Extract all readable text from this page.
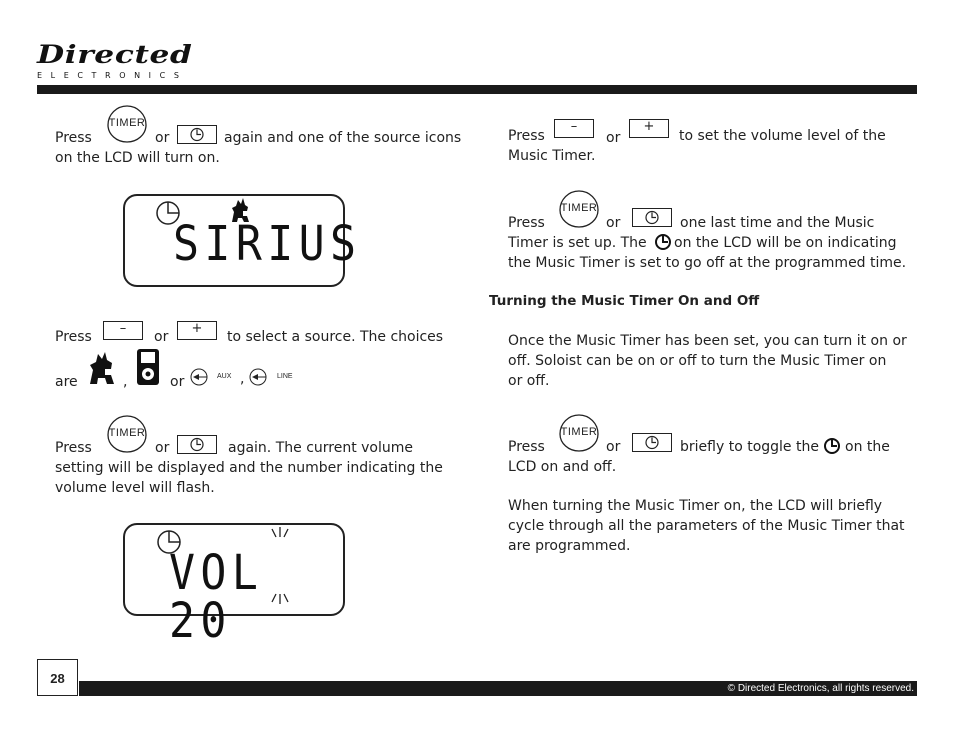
Directed
ELECTRONICS
Press
TIMER
or	again and one of the source icons
on the LCD will turn on.
SIRIUS
Press
–
or
+
to select a source. The choices
are	,	or	AUX ,	LINE
Press
TIMER
or	again. The current volume
setting will be displayed and the number indicating the
volume level will flash.
VOL 20
Press
–
or
+
to set the volume level of the
Music Timer.
Press
TIMER
or	one last time and the Music
Timer is set up. The on the LCD will be on indicating
the Music Timer is set to go off at the programmed time.
Turning the Music Timer On and Off
Once the Music Timer has been set, you can turn it on or
off. Soloist can be on or off to turn the Music Timer on
or off.
Press
TIMER
or	briefly to toggle the on the
LCD on and off.
When turning the Music Timer on, the LCD will briefly
cycle through all the parameters of the Music Timer that
are programmed.
28
© Directed Electronics, all rights reserved.
